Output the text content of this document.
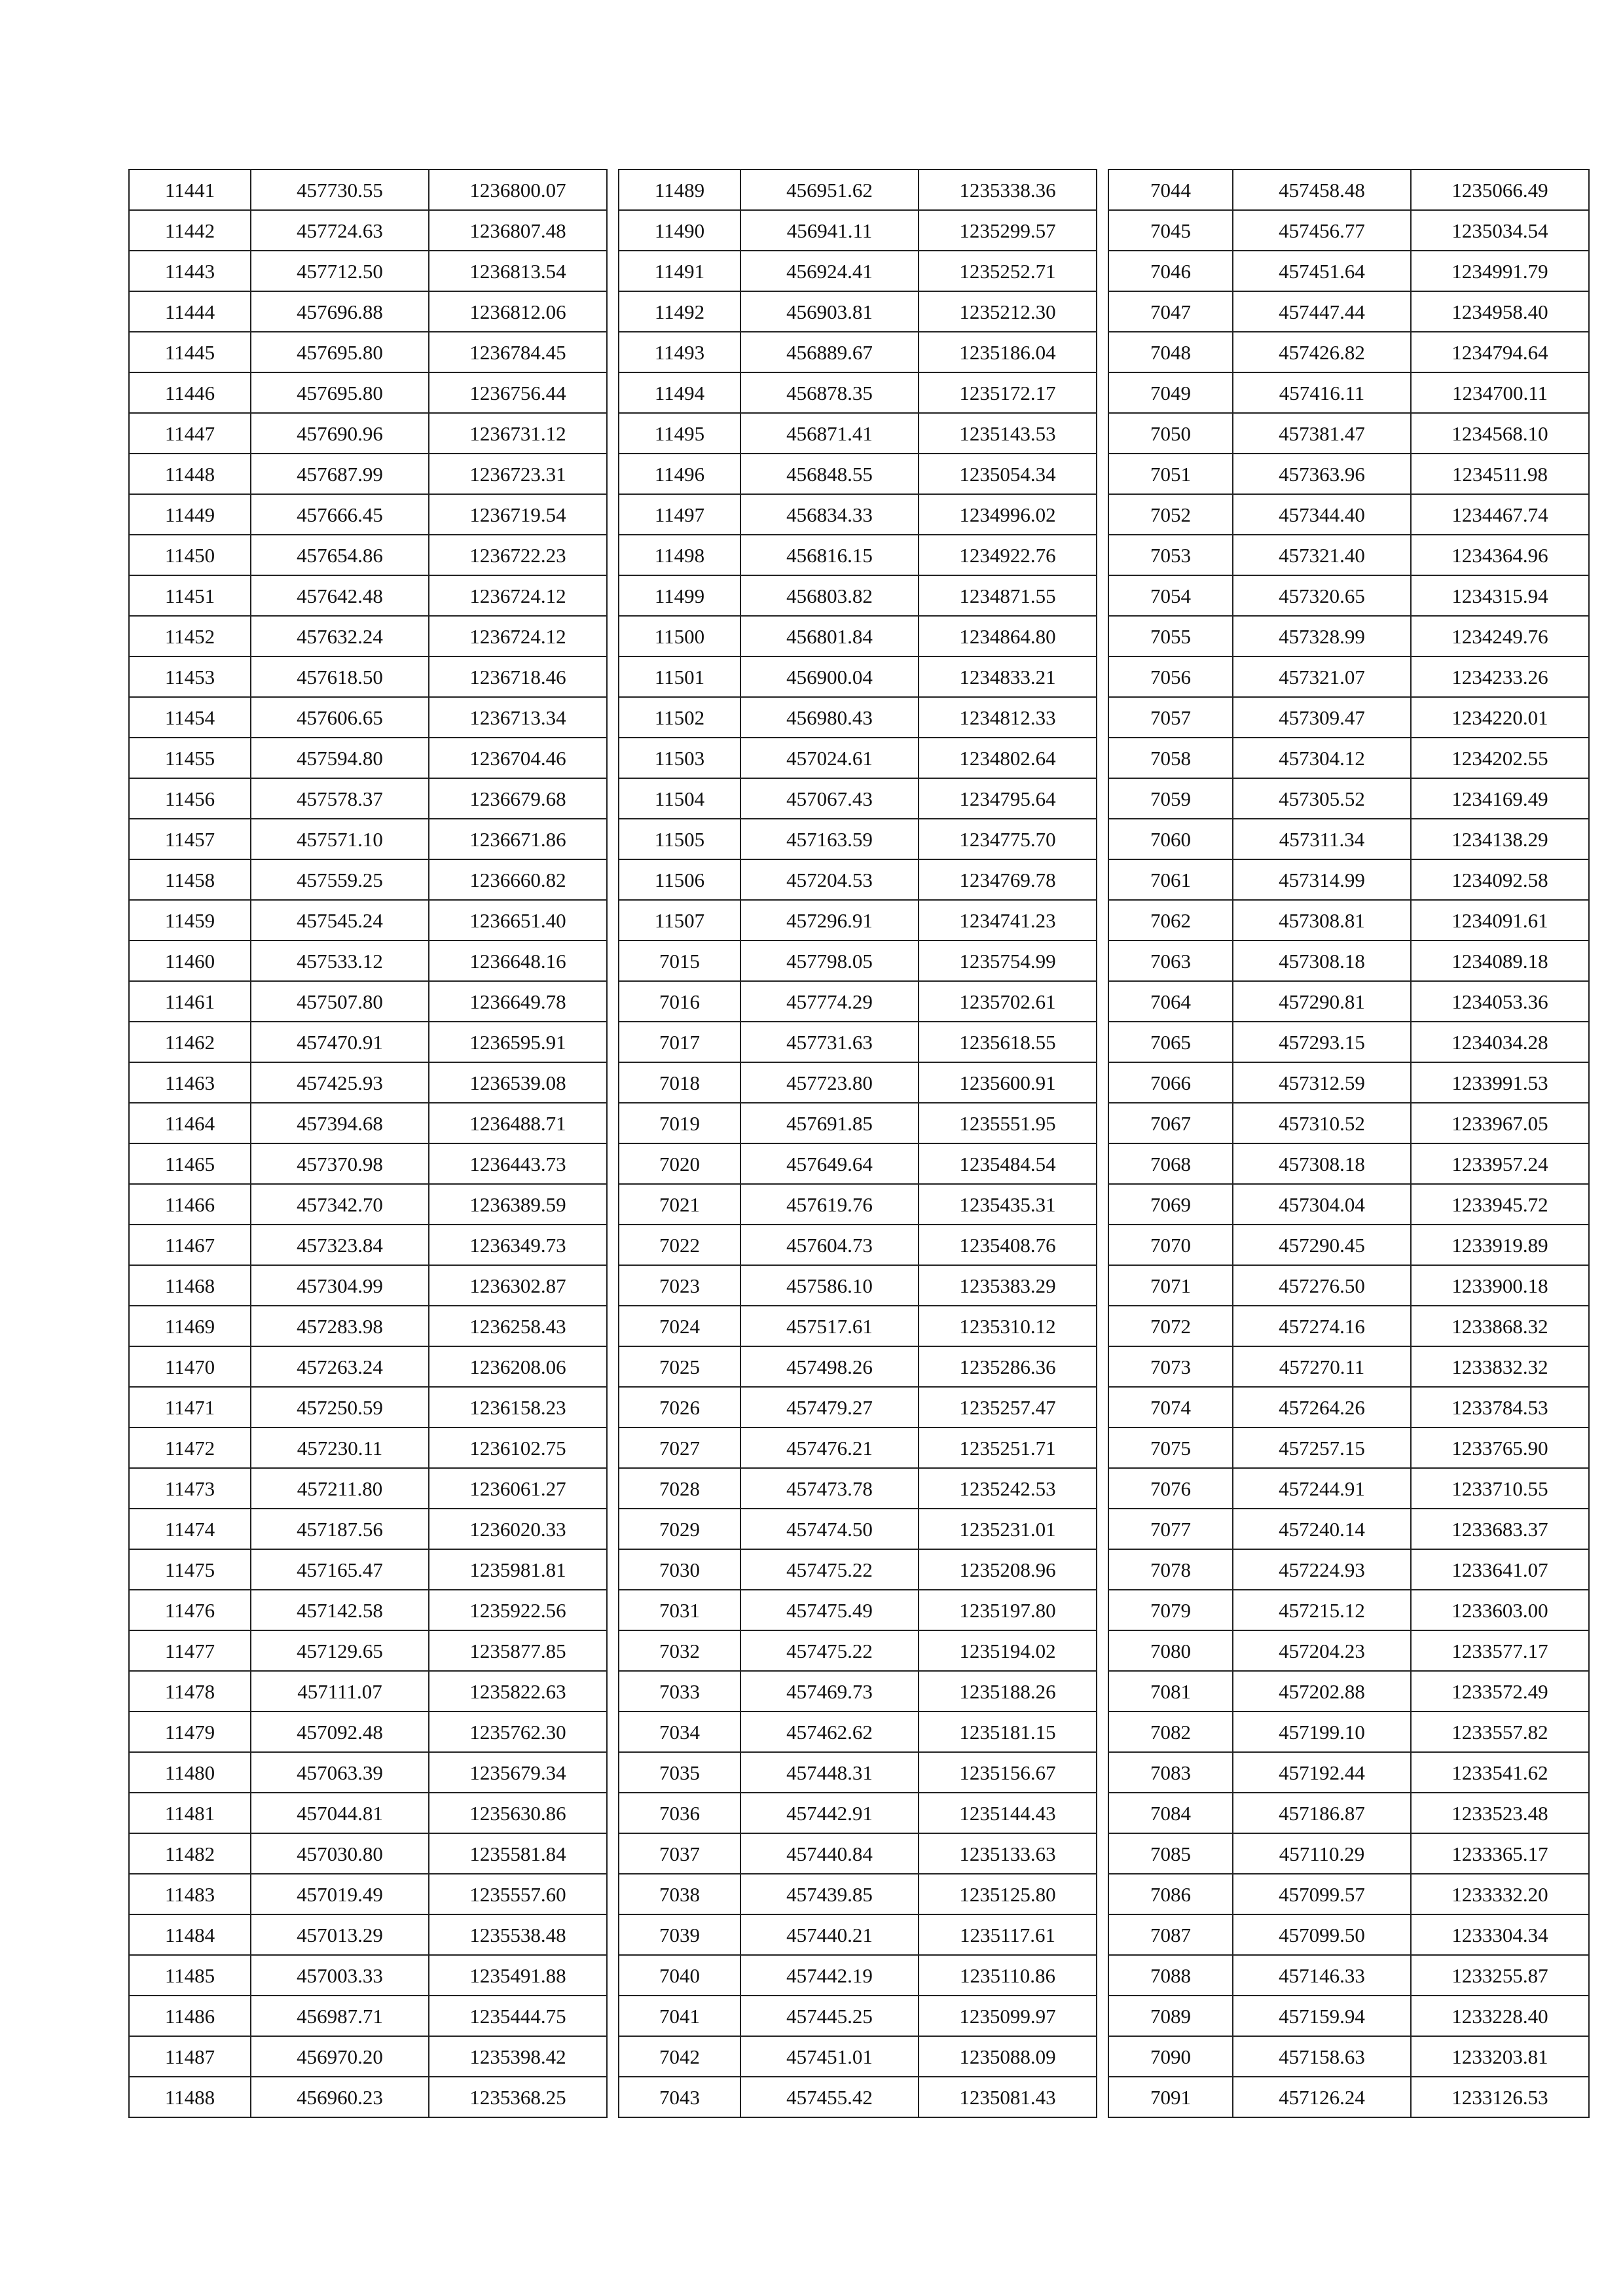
11441	457730.55	1236800.07
11442	457724.63	1236807.48
11443	457712.50	1236813.54
11444	457696.88	1236812.06
11445	457695.80	1236784.45
11446	457695.80	1236756.44
11447	457690.96	1236731.12
11448	457687.99	1236723.31
11449	457666.45	1236719.54
11450	457654.86	1236722.23
11451	457642.48	1236724.12
11452	457632.24	1236724.12
11453	457618.50	1236718.46
11454	457606.65	1236713.34
11455	457594.80	1236704.46
11456	457578.37	1236679.68
11457	457571.10	1236671.86
11458	457559.25	1236660.82
11459	457545.24	1236651.40
11460	457533.12	1236648.16
11461	457507.80	1236649.78
11462	457470.91	1236595.91
11463	457425.93	1236539.08
11464	457394.68	1236488.71
11465	457370.98	1236443.73
11466	457342.70	1236389.59
11467	457323.84	1236349.73
11468	457304.99	1236302.87
11469	457283.98	1236258.43
11470	457263.24	1236208.06
11471	457250.59	1236158.23
11472	457230.11	1236102.75
11473	457211.80	1236061.27
11474	457187.56	1236020.33
11475	457165.47	1235981.81
11476	457142.58	1235922.56
11477	457129.65	1235877.85
11478	457111.07	1235822.63
11479	457092.48	1235762.30
11480	457063.39	1235679.34
11481	457044.81	1235630.86
11482	457030.80	1235581.84
11483	457019.49	1235557.60
11484	457013.29	1235538.48
11485	457003.33	1235491.88
11486	456987.71	1235444.75
11487	456970.20	1235398.42
11488	456960.23	1235368.25
11489	456951.62	1235338.36
11490	456941.11	1235299.57
11491	456924.41	1235252.71
11492	456903.81	1235212.30
11493	456889.67	1235186.04
11494	456878.35	1235172.17
11495	456871.41	1235143.53
11496	456848.55	1235054.34
11497	456834.33	1234996.02
11498	456816.15	1234922.76
11499	456803.82	1234871.55
11500	456801.84	1234864.80
11501	456900.04	1234833.21
11502	456980.43	1234812.33
11503	457024.61	1234802.64
11504	457067.43	1234795.64
11505	457163.59	1234775.70
11506	457204.53	1234769.78
11507	457296.91	1234741.23
7015	457798.05	1235754.99
7016	457774.29	1235702.61
7017	457731.63	1235618.55
7018	457723.80	1235600.91
7019	457691.85	1235551.95
7020	457649.64	1235484.54
7021	457619.76	1235435.31
7022	457604.73	1235408.76
7023	457586.10	1235383.29
7024	457517.61	1235310.12
7025	457498.26	1235286.36
7026	457479.27	1235257.47
7027	457476.21	1235251.71
7028	457473.78	1235242.53
7029	457474.50	1235231.01
7030	457475.22	1235208.96
7031	457475.49	1235197.80
7032	457475.22	1235194.02
7033	457469.73	1235188.26
7034	457462.62	1235181.15
7035	457448.31	1235156.67
7036	457442.91	1235144.43
7037	457440.84	1235133.63
7038	457439.85	1235125.80
7039	457440.21	1235117.61
7040	457442.19	1235110.86
7041	457445.25	1235099.97
7042	457451.01	1235088.09
7043	457455.42	1235081.43
7044	457458.48	1235066.49
7045	457456.77	1235034.54
7046	457451.64	1234991.79
7047	457447.44	1234958.40
7048	457426.82	1234794.64
7049	457416.11	1234700.11
7050	457381.47	1234568.10
7051	457363.96	1234511.98
7052	457344.40	1234467.74
7053	457321.40	1234364.96
7054	457320.65	1234315.94
7055	457328.99	1234249.76
7056	457321.07	1234233.26
7057	457309.47	1234220.01
7058	457304.12	1234202.55
7059	457305.52	1234169.49
7060	457311.34	1234138.29
7061	457314.99	1234092.58
7062	457308.81	1234091.61
7063	457308.18	1234089.18
7064	457290.81	1234053.36
7065	457293.15	1234034.28
7066	457312.59	1233991.53
7067	457310.52	1233967.05
7068	457308.18	1233957.24
7069	457304.04	1233945.72
7070	457290.45	1233919.89
7071	457276.50	1233900.18
7072	457274.16	1233868.32
7073	457270.11	1233832.32
7074	457264.26	1233784.53
7075	457257.15	1233765.90
7076	457244.91	1233710.55
7077	457240.14	1233683.37
7078	457224.93	1233641.07
7079	457215.12	1233603.00
7080	457204.23	1233577.17
7081	457202.88	1233572.49
7082	457199.10	1233557.82
7083	457192.44	1233541.62
7084	457186.87	1233523.48
7085	457110.29	1233365.17
7086	457099.57	1233332.20
7087	457099.50	1233304.34
7088	457146.33	1233255.87
7089	457159.94	1233228.40
7090	457158.63	1233203.81
7091	457126.24	1233126.53
